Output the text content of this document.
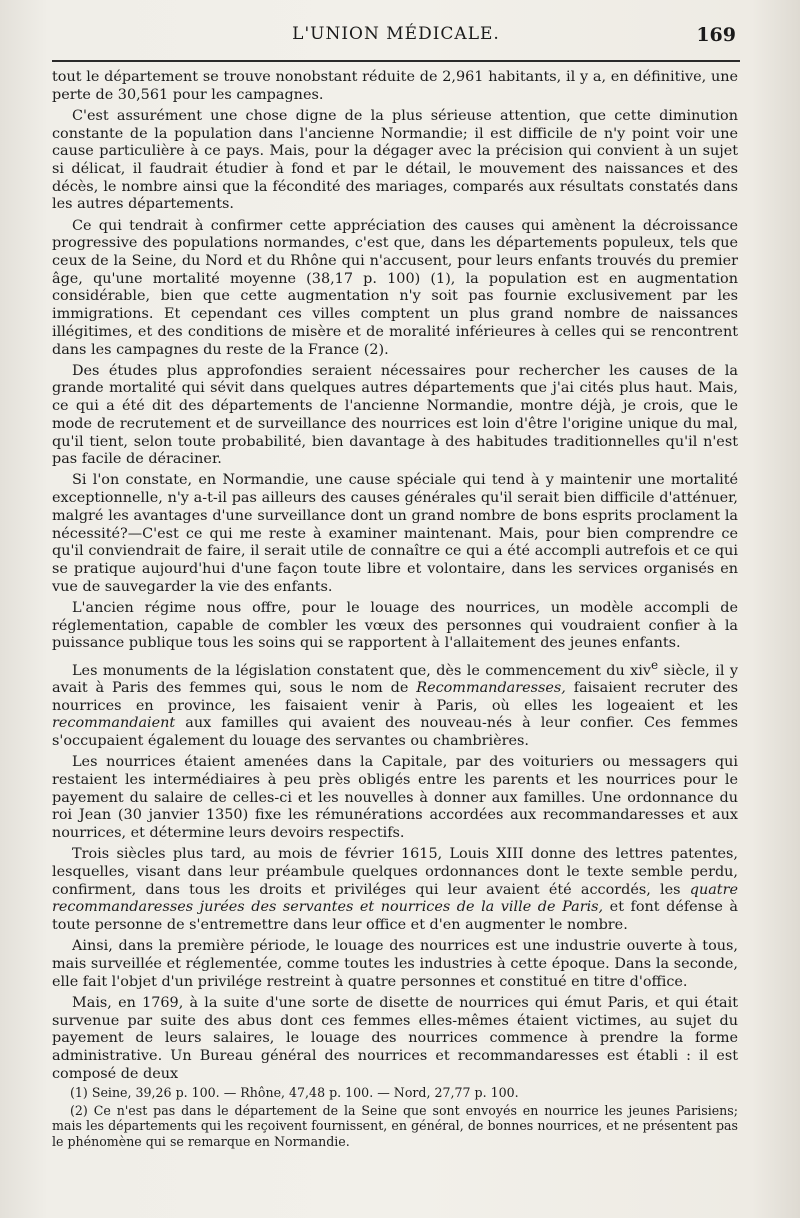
L'UNION MÉDICALE.	169

tout le département se trouve nonobstant réduite de 2,961 habitants, il y a, en définitive, une perte de 30,561 pour les campagnes.

C'est assurément une chose digne de la plus sérieuse attention, que cette diminution constante de la population dans l'ancienne Normandie; il est difficile de n'y point voir une cause particulière à ce pays. Mais, pour la dégager avec la précision qui convient à un sujet si délicat, il faudrait étudier à fond et par le détail, le mouvement des naissances et des décès, le nombre ainsi que la fécondité des mariages, comparés aux résultats constatés dans les autres départements.

Ce qui tendrait à confirmer cette appréciation des causes qui amènent la décroissance progressive des populations normandes, c'est que, dans les départements populeux, tels que ceux de la Seine, du Nord et du Rhône qui n'accusent, pour leurs enfants trouvés du premier âge, qu'une mortalité moyenne (38,17 p. 100) (1), la population est en augmentation considérable, bien que cette augmentation n'y soit pas fournie exclusivement par les immigrations. Et cependant ces villes comptent un plus grand nombre de naissances illégitimes, et des conditions de misère et de moralité inférieures à celles qui se rencontrent dans les campagnes du reste de la France (2).

Des études plus approfondies seraient nécessaires pour rechercher les causes de la grande mortalité qui sévit dans quelques autres départements que j'ai cités plus haut. Mais, ce qui a été dit des départements de l'ancienne Normandie, montre déjà, je crois, que le mode de recrutement et de surveillance des nourrices est loin d'être l'origine unique du mal, qu'il tient, selon toute probabilité, bien davantage à des habitudes traditionnelles qu'il n'est pas facile de déraciner.

Si l'on constate, en Normandie, une cause spéciale qui tend à y maintenir une mortalité exceptionnelle, n'y a-t-il pas ailleurs des causes générales qu'il serait bien difficile d'atténuer, malgré les avantages d'une surveillance dont un grand nombre de bons esprits proclament la nécessité?—C'est ce qui me reste à examiner maintenant. Mais, pour bien comprendre ce qu'il conviendrait de faire, il serait utile de connaître ce qui a été accompli autrefois et ce qui se pratique aujourd'hui d'une façon toute libre et volontaire, dans les services organisés en vue de sauvegarder la vie des enfants.

L'ancien régime nous offre, pour le louage des nourrices, un modèle accompli de réglementation, capable de combler les vœux des personnes qui voudraient confier à la puissance publique tous les soins qui se rapportent à l'allaitement des jeunes enfants.

Les monuments de la législation constatent que, dès le commencement du xiv$^e$ siècle, il y avait à Paris des femmes qui, sous le nom de Recommandaresses, faisaient recruter des nourrices en province, les faisaient venir à Paris, où elles les logeaient et les recommandaient aux familles qui avaient des nouveau-nés à leur confier. Ces femmes s'occupaient également du louage des servantes ou chambrières.

Les nourrices étaient amenées dans la Capitale, par des voituriers ou messagers qui restaient les intermédiaires à peu près obligés entre les parents et les nourrices pour le payement du salaire de celles-ci et les nouvelles à donner aux familles. Une ordonnance du roi Jean (30 janvier 1350) fixe les rémunérations accordées aux recommandaresses et aux nourrices, et détermine leurs devoirs respectifs.

Trois siècles plus tard, au mois de février 1615, Louis XIII donne des lettres patentes, lesquelles, visant dans leur préambule quelques ordonnances dont le texte semble perdu, confirment, dans tous les droits et priviléges qui leur avaient été accordés, les quatre recommandaresses jurées des servantes et nourrices de la ville de Paris, et font défense à toute personne de s'entremettre dans leur office et d'en augmenter le nombre.

Ainsi, dans la première période, le louage des nourrices est une industrie ouverte à tous, mais surveillée et réglementée, comme toutes les industries à cette époque. Dans la seconde, elle fait l'objet d'un privilége restreint à quatre personnes et constitué en titre d'office.

Mais, en 1769, à la suite d'une sorte de disette de nourrices qui émut Paris, et qui était survenue par suite des abus dont ces femmes elles-mêmes étaient victimes, au sujet du payement de leurs salaires, le louage des nourrices commence à prendre la forme administrative. Un Bureau général des nourrices et recommandaresses est établi : il est composé de deux

(1) Seine, 39,26 p. 100. — Rhône, 47,48 p. 100. — Nord, 27,77 p. 100.

(2) Ce n'est pas dans le département de la Seine que sont envoyés en nourrice les jeunes Parisiens; mais les départements qui les reçoivent fournissent, en général, de bonnes nourrices, et ne présentent pas le phénomène qui se remarque en Normandie.
